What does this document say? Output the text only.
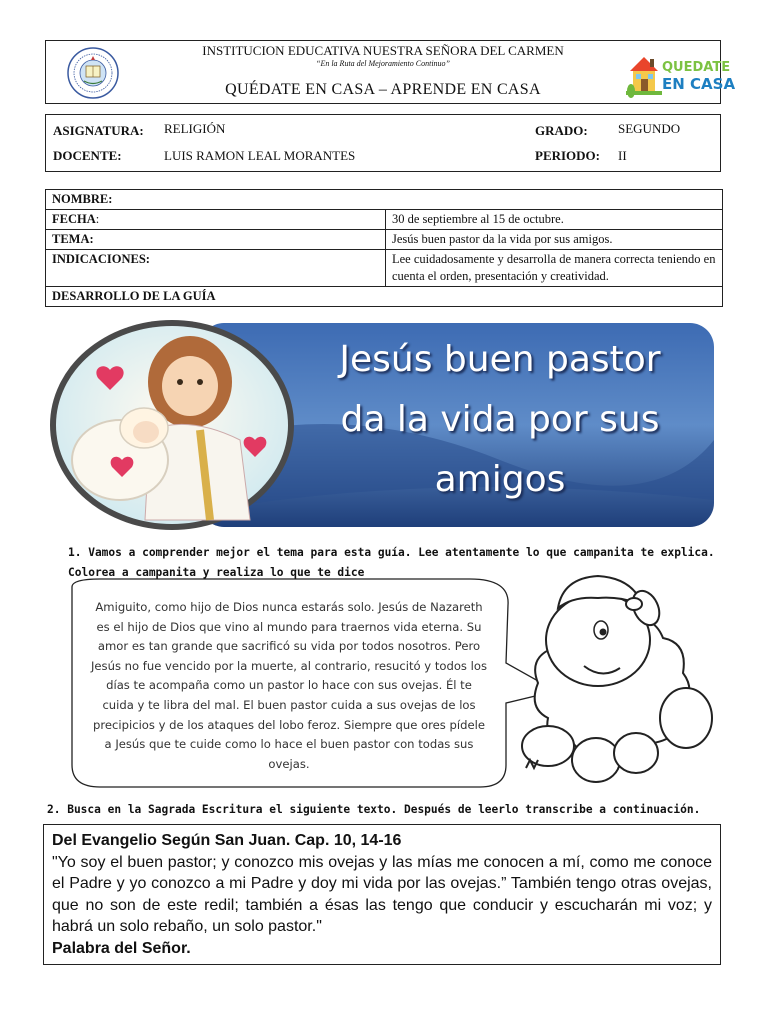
INSTITUCION EDUCATIVA NUESTRA SEÑORA DEL CARMEN
“En la Ruta del Mejoramiento Continuo”
QUÉDATE EN CASA – APRENDE EN CASA
QUEDATE
EN CASA
ASIGNATURA: RELIGIÓN	GRADO: SEGUNDO
DOCENTE:	LUIS RAMON LEAL MORANTES	PERIODO: II
NOMBRE:	
FECHA:	30 de septiembre al 15 de octubre.
TEMA:	Jesús buen pastor da la vida por sus amigos.
INDICACIONES:	Lee cuidadosamente y desarrolla de manera correcta teniendo en cuenta el orden, presentación y creatividad.
DESARROLLO DE LA GUÍA	
Jesús buen pastor
da la vida por sus
amigos
1. Vamos a comprender mejor el tema para esta guía. Lee atentamente lo que campanita te explica. Colorea a campanita y realiza lo que te dice
Amiguito, como hijo de Dios nunca estarás solo. Jesús de Nazareth es el hijo de Dios que vino al mundo para traernos vida eterna. Su amor es tan grande que sacrificó su vida por todos nosotros. Pero Jesús no fue vencido por la muerte, al contrario, resucitó y todos los días te acompaña como un pastor lo hace con sus ovejas. Él te cuida y te libra del mal. El buen pastor cuida a sus ovejas de los precipicios y de los ataques del lobo feroz. Siempre que ores pídele a Jesús que te cuide como lo hace el buen pastor con todas sus ovejas.
2. Busca en la Sagrada Escritura el siguiente texto. Después de leerlo transcribe a continuación.

Del Evangelio Según San Juan. Cap. 10, 14-16

"Yo soy el buen pastor; y conozco mis ovejas y las mías me conocen a mí, como me conoce el Padre y yo conozco a mi Padre y doy mi vida por las ovejas.” También tengo otras ovejas, que no son de este redil; también a ésas las tengo que conducir y escucharán mi voz; y habrá un solo rebaño, un solo pastor."

Palabra del Señor.
